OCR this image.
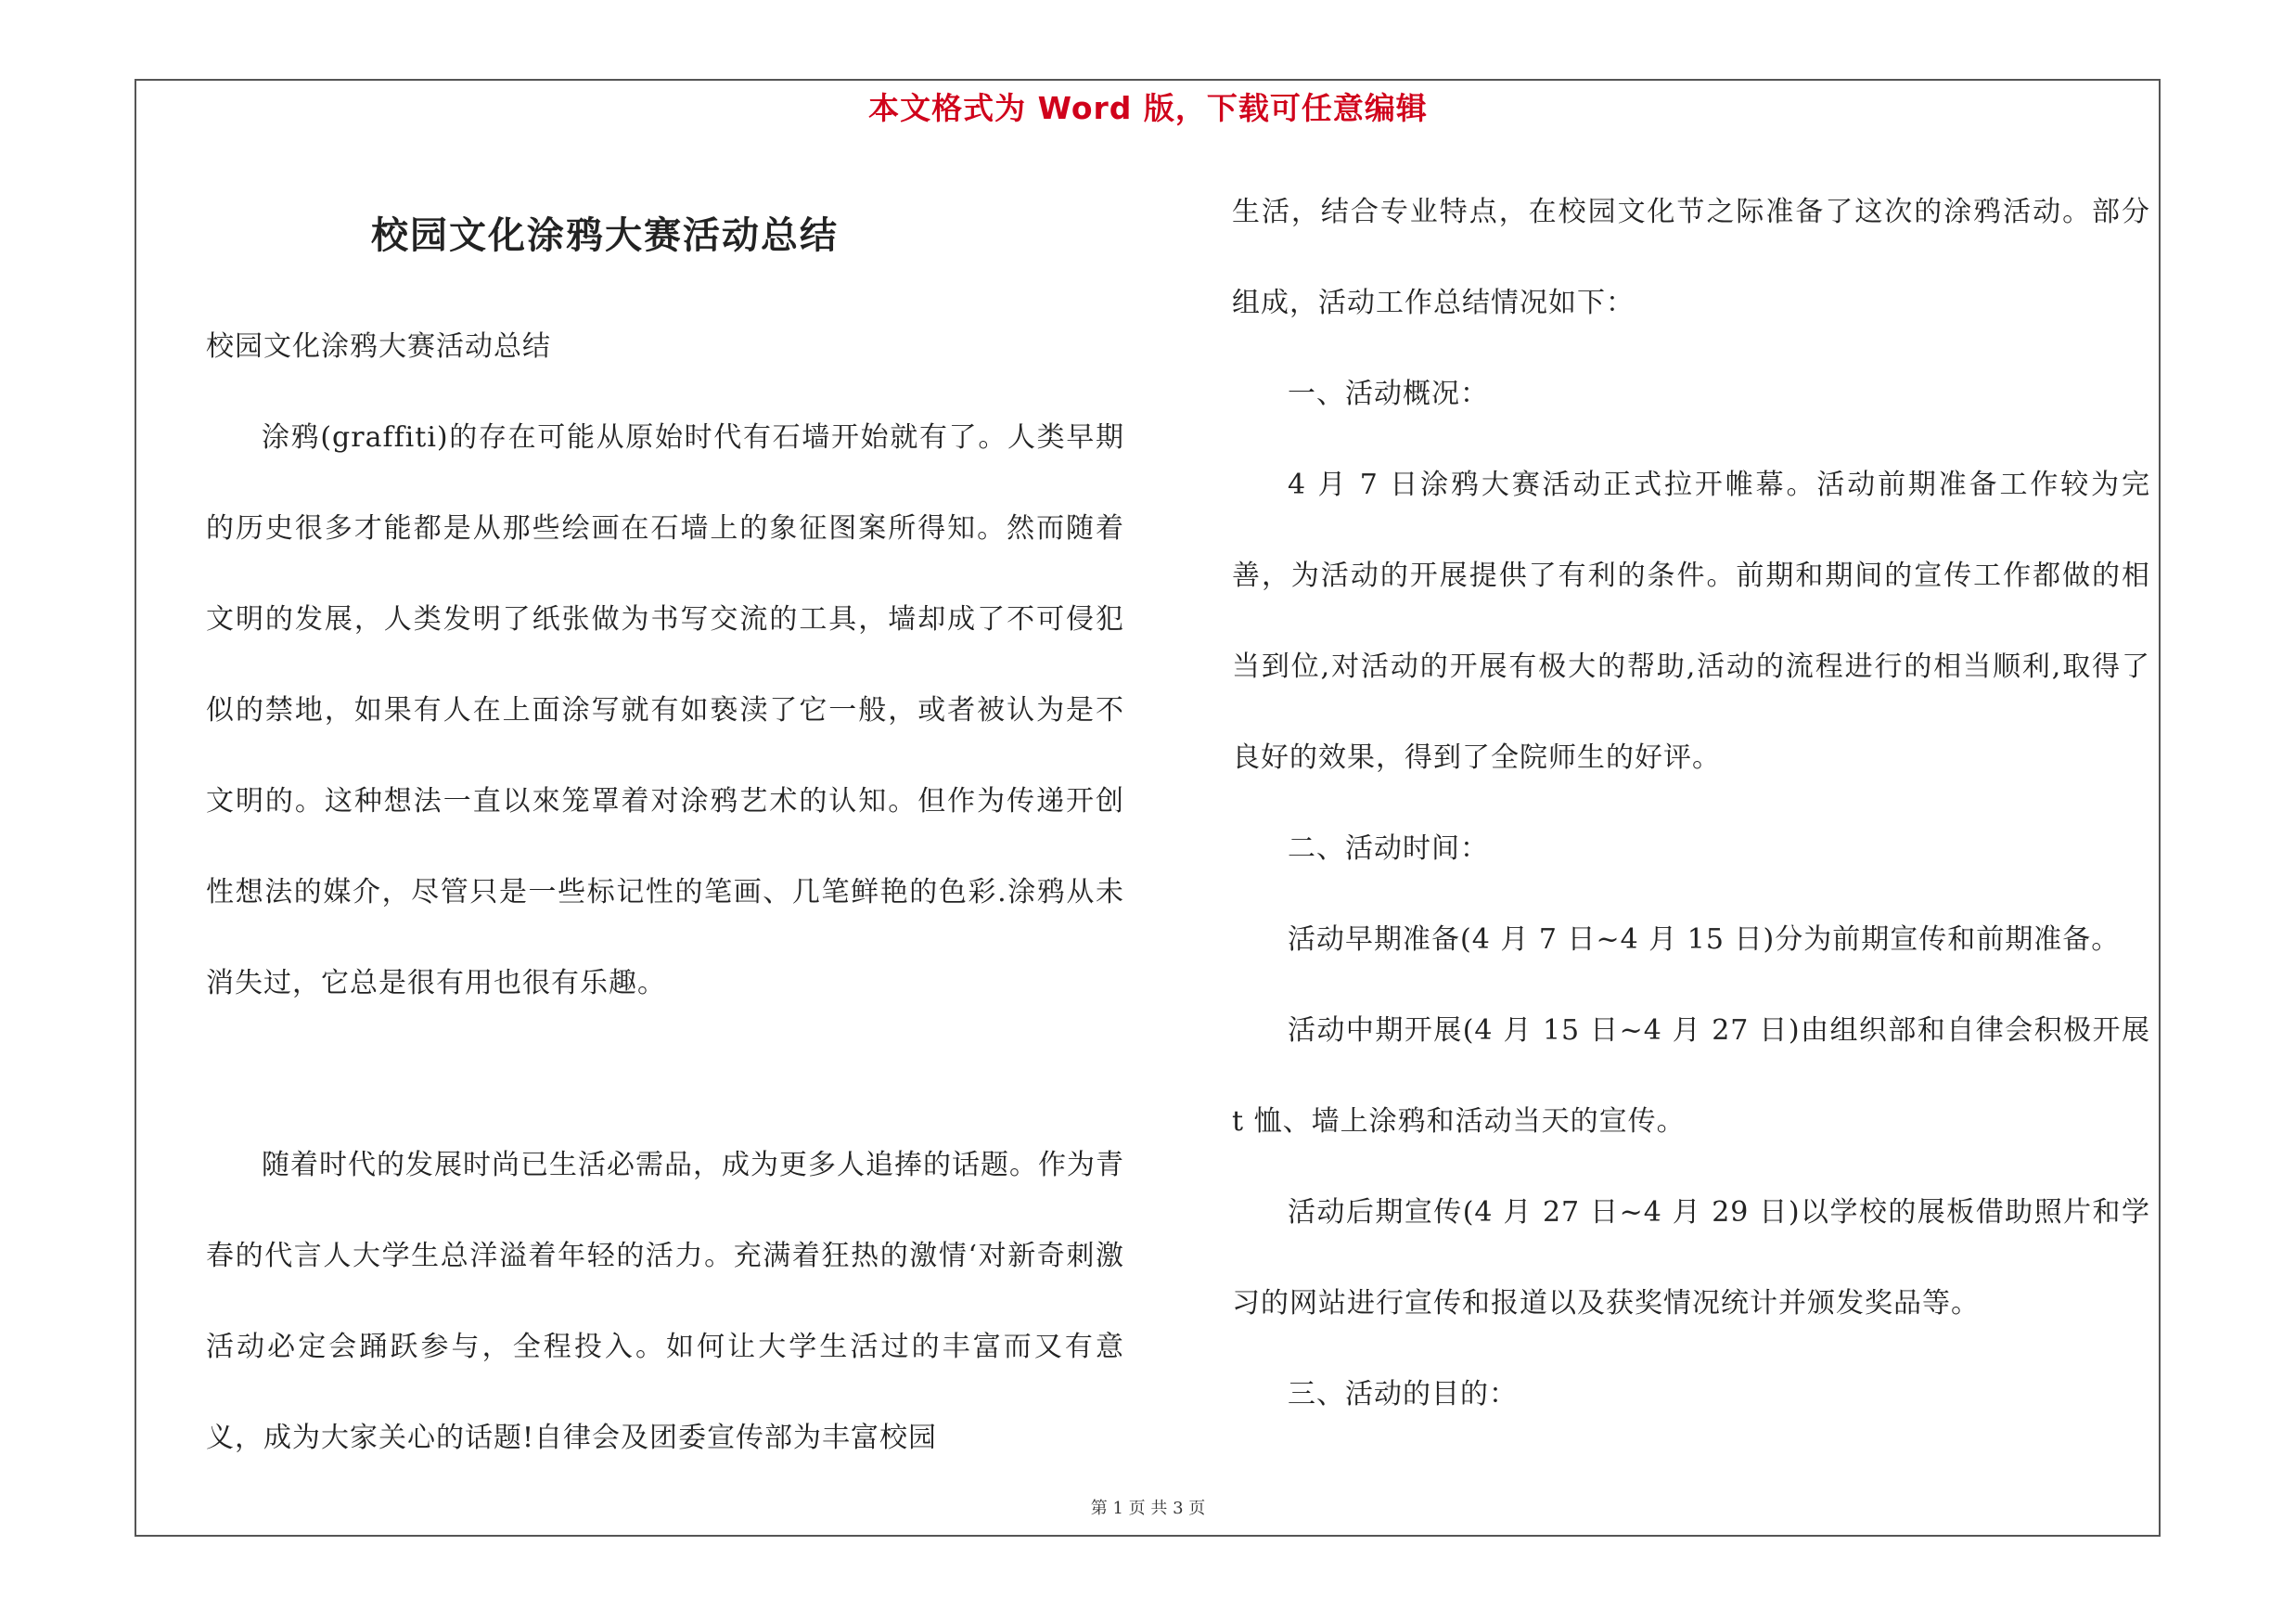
本文格式为 Word 版，下载可任意编辑
校园文化涂鸦大赛活动总结

校园文化涂鸦大赛活动总结

涂鸦(graffiti)的存在可能从原始时代有石墙开始就有了。人类早期的历史很多才能都是从那些绘画在石墙上的象征图案所得知。然而随着文明的发展，人类发明了纸张做为书写交流的工具，墙却成了不可侵犯似的禁地，如果有人在上面涂写就有如亵渎了它一般，或者被认为是不文明的。这种想法一直以來笼罩着对涂鸦艺术的认知。但作为传递开创性想法的媒介，尽管只是一些标记性的笔画、几笔鲜艳的色彩.涂鸦从未消失过，它总是很有用也很有乐趣。

随着时代的发展时尚已生活必需品，成为更多人追捧的话题。作为青春的代言人大学生总洋溢着年轻的活力。充满着狂热的激情‘对新奇刺激活动必定会踊跃参与，全程投入。如何让大学生活过的丰富而又有意义，成为大家关心的话题!自律会及团委宣传部为丰富校园

生活，结合专业特点，在校园文化节之际准备了这次的涂鸦活动。部分组成，活动工作总结情况如下：

一、活动概况：

4 月 7 日涂鸦大赛活动正式拉开帷幕。活动前期准备工作较为完善，为活动的开展提供了有利的条件。前期和期间的宣传工作都做的相当到位,对活动的开展有极大的帮助,活动的流程进行的相当顺利,取得了良好的效果，得到了全院师生的好评。

二、活动时间：

活动早期准备(4 月 7 日~4 月 15 日)分为前期宣传和前期准备。

活动中期开展(4 月 15 日~4 月 27 日)由组织部和自律会积极开展 t 恤、墙上涂鸦和活动当天的宣传。

活动后期宣传(4 月 27 日~4 月 29 日)以学校的展板借助照片和学习的网站进行宣传和报道以及获奖情况统计并颁发奖品等。

三、活动的目的：

第 1 页 共 3 页
